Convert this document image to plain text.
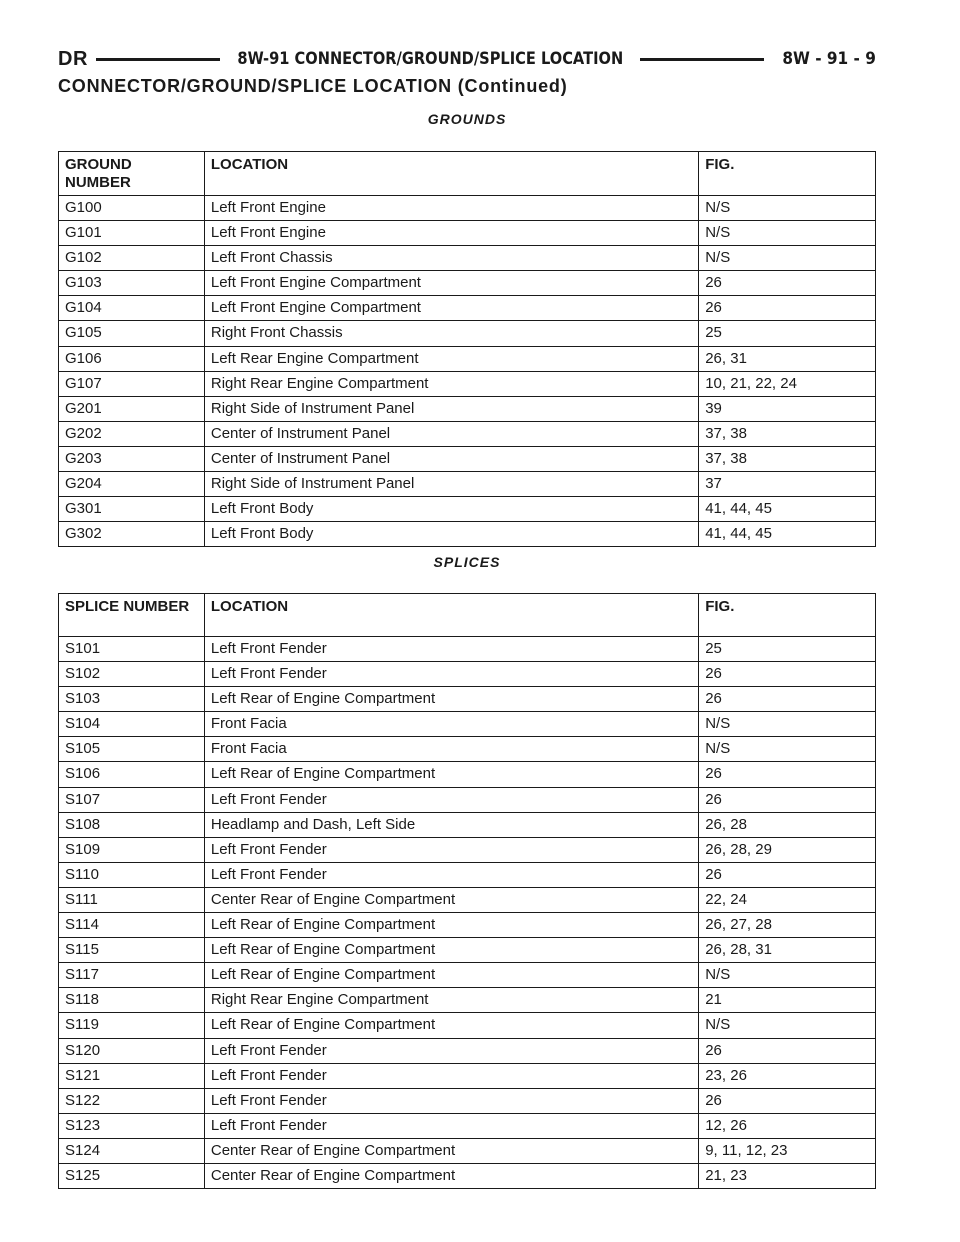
DR	8W-91 CONNECTOR/GROUND/SPLICE LOCATION	8W - 91 - 9
CONNECTOR/GROUND/SPLICE LOCATION (Continued)
GROUNDS
GROUND NUMBER	LOCATION	FIG.
G100	Left Front Engine	N/S
G101	Left Front Engine	N/S
G102	Left Front Chassis	N/S
G103	Left Front Engine Compartment	26
G104	Left Front Engine Compartment	26
G105	Right Front Chassis	25
G106	Left Rear Engine Compartment	26, 31
G107	Right Rear Engine Compartment	10, 21, 22, 24
G201	Right Side of Instrument Panel	39
G202	Center of Instrument Panel	37, 38
G203	Center of Instrument Panel	37, 38
G204	Right Side of Instrument Panel	37
G301	Left Front Body	41, 44, 45
G302	Left Front Body	41, 44, 45
SPLICES
SPLICE NUMBER	LOCATION	FIG.
S101	Left Front Fender	25
S102	Left Front Fender	26
S103	Left Rear of Engine Compartment	26
S104	Front Facia	N/S
S105	Front Facia	N/S
S106	Left Rear of Engine Compartment	26
S107	Left Front Fender	26
S108	Headlamp and Dash, Left Side	26, 28
S109	Left Front Fender	26, 28, 29
S110	Left Front Fender	26
S111	Center Rear of Engine Compartment	22, 24
S114	Left Rear of Engine Compartment	26, 27, 28
S115	Left Rear of Engine Compartment	26, 28, 31
S117	Left Rear of Engine Compartment	N/S
S118	Right Rear Engine Compartment	21
S119	Left Rear of Engine Compartment	N/S
S120	Left Front Fender	26
S121	Left Front Fender	23, 26
S122	Left Front Fender	26
S123	Left Front Fender	12, 26
S124	Center Rear of Engine Compartment	9, 11, 12, 23
S125	Center Rear of Engine Compartment	21, 23
